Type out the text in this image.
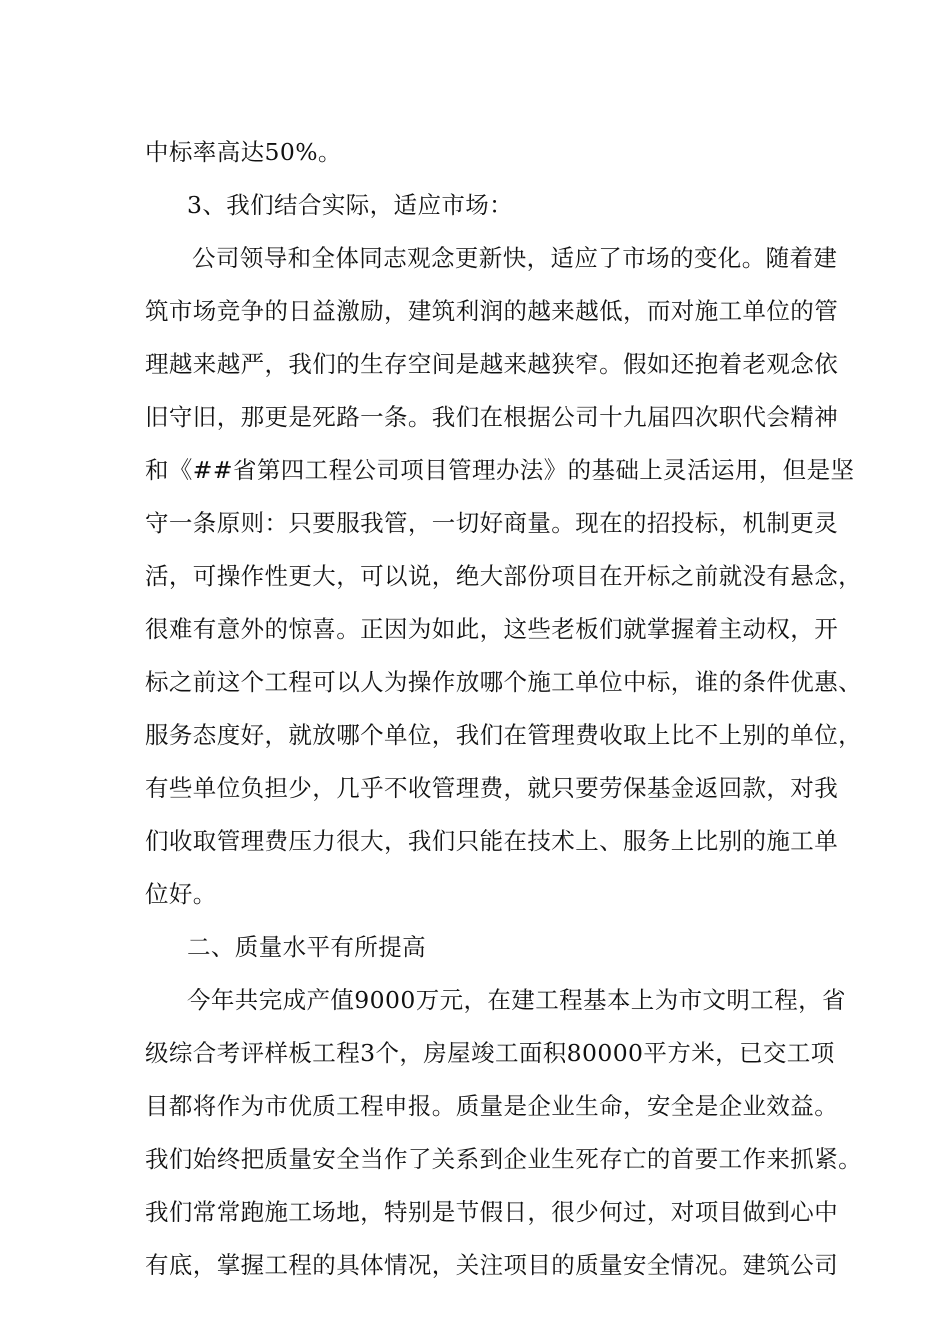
中标率高达50%。
3、我们结合实际，适应市场：
公司领导和全体同志观念更新快，适应了市场的变化。随着建
筑市场竞争的日益激励，建筑利润的越来越低，而对施工单位的管
理越来越严，我们的生存空间是越来越狭窄。假如还抱着老观念依
旧守旧，那更是死路一条。我们在根据公司十九届四次职代会精神
和《##省第四工程公司项目管理办法》的基础上灵活运用，但是坚
守一条原则：只要服我管，一切好商量。现在的招投标，机制更灵
活，可操作性更大，可以说，绝大部份项目在开标之前就没有悬念，
很难有意外的惊喜。正因为如此，这些老板们就掌握着主动权，开
标之前这个工程可以人为操作放哪个施工单位中标，谁的条件优惠、
服务态度好，就放哪个单位，我们在管理费收取上比不上别的单位，
有些单位负担少，几乎不收管理费，就只要劳保基金返回款，对我
们收取管理费压力很大，我们只能在技术上、服务上比别的施工单
位好。
二、质量水平有所提高
今年共完成产值9000万元，在建工程基本上为市文明工程，省
级综合考评样板工程3个，房屋竣工面积80000平方米，已交工项
目都将作为市优质工程申报。质量是企业生命，安全是企业效益。
我们始终把质量安全当作了关系到企业生死存亡的首要工作来抓紧。
我们常常跑施工场地，特别是节假日，很少何过，对项目做到心中
有底，掌握工程的具体情况，关注项目的质量安全情况。建筑公司
